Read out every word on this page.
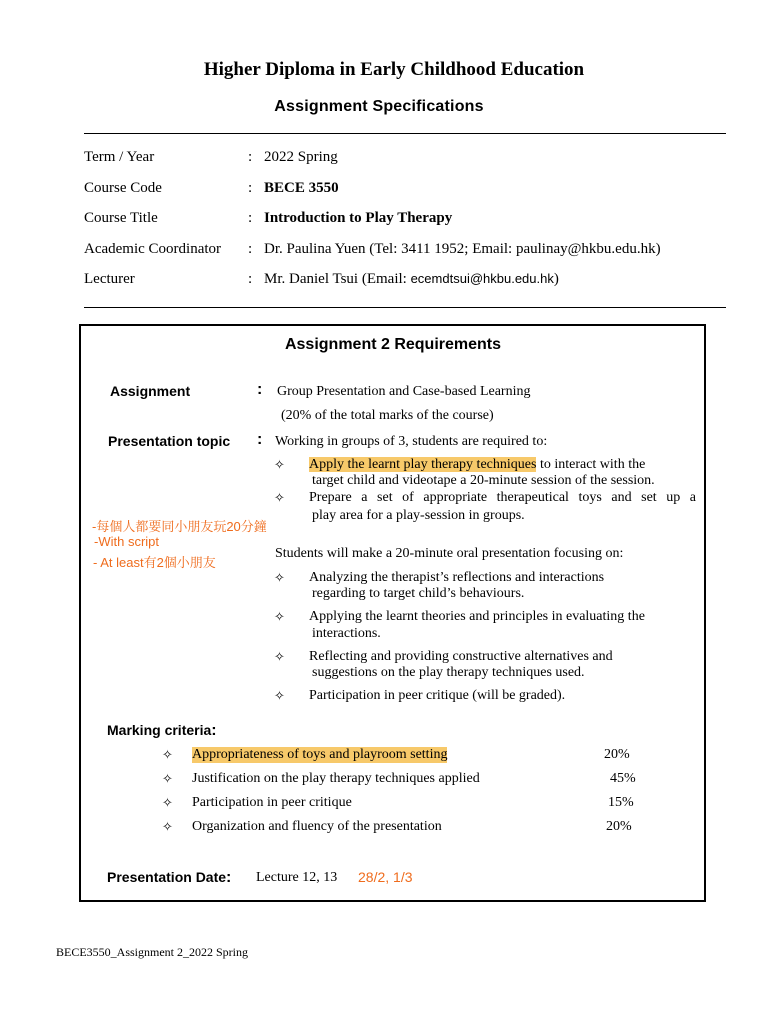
Higher Diploma in Early Childhood Education
Assignment Specifications
Term / Year	: 2022 Spring
Course Code	: BECE 3550
Course Title	: Introduction to Play Therapy
Academic Coordinator : Dr. Paulina Yuen (Tel: 3411 1952; Email: paulinay@hkbu.edu.hk)
Lecturer	: Mr. Daniel Tsui (Email: ecemdtsui@hkbu.edu.hk)
Assignment 2 Requirements
Assignment	: Group Presentation and Case-based Learning
(20% of the total marks of the course)
Presentation topic : Working in groups of 3, students are required to:
✧ Apply the learnt play therapy techniques to interact with the
target child and videotape a 20-minute session of the session.
✧ Prepare a set of appropriate therapeutical toys and set up a
play area for a play-session in groups.
-每個人都要同小朋友玩20分鐘
-With script
- At least有2個小朋友
Students will make a 20-minute oral presentation focusing on:
✧ Analyzing the therapist’s reflections and interactions
regarding to target child’s behaviours.
✧ Applying the learnt theories and principles in evaluating the
interactions.
✧ Reflecting and providing constructive alternatives and
suggestions on the play therapy techniques used.
✧ Participation in peer critique (will be graded).
Marking criteria:
✧ Appropriateness of toys and playroom setting	20%
✧ Justification on the play therapy techniques applied	45%
✧ Participation in peer critique	15%
✧ Organization and fluency of the presentation	20%
Presentation Date: Lecture 12, 13 28/2, 1/3
BECE3550_Assignment 2_2022 Spring
